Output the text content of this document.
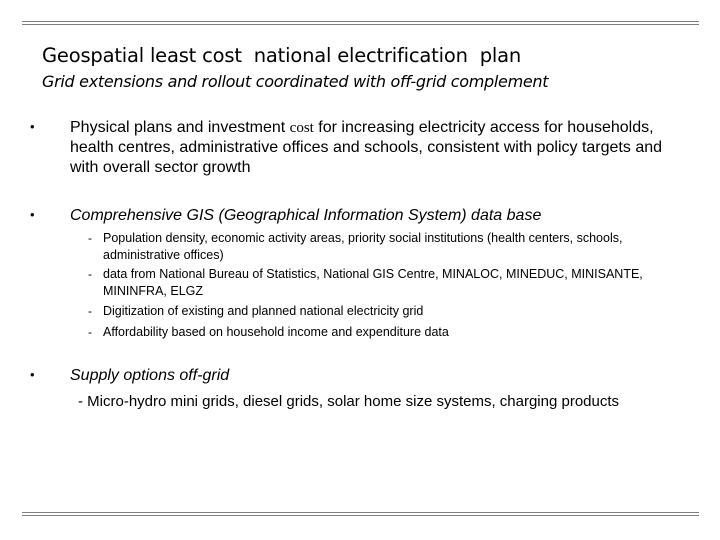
Geospatial least cost  national electrification  plan
Grid extensions and rollout coordinated with off-grid complement
• Physical plans and investment cost for increasing electricity access for households, health centres, administrative offices and schools, consistent with policy targets and with overall sector growth
• Comprehensive GIS (Geographical Information System) data base
- Population density, economic activity areas, priority social institutions (health centers, schools, administrative offices)
- data from National Bureau of Statistics, National GIS Centre, MINALOC, MINEDUC, MINISANTE, MININFRA, ELGZ
- Digitization of existing and planned national electricity grid
- Affordability based on household income and expenditure data
• Supply options off-grid
- Micro-hydro mini grids, diesel grids, solar home size systems, charging products
